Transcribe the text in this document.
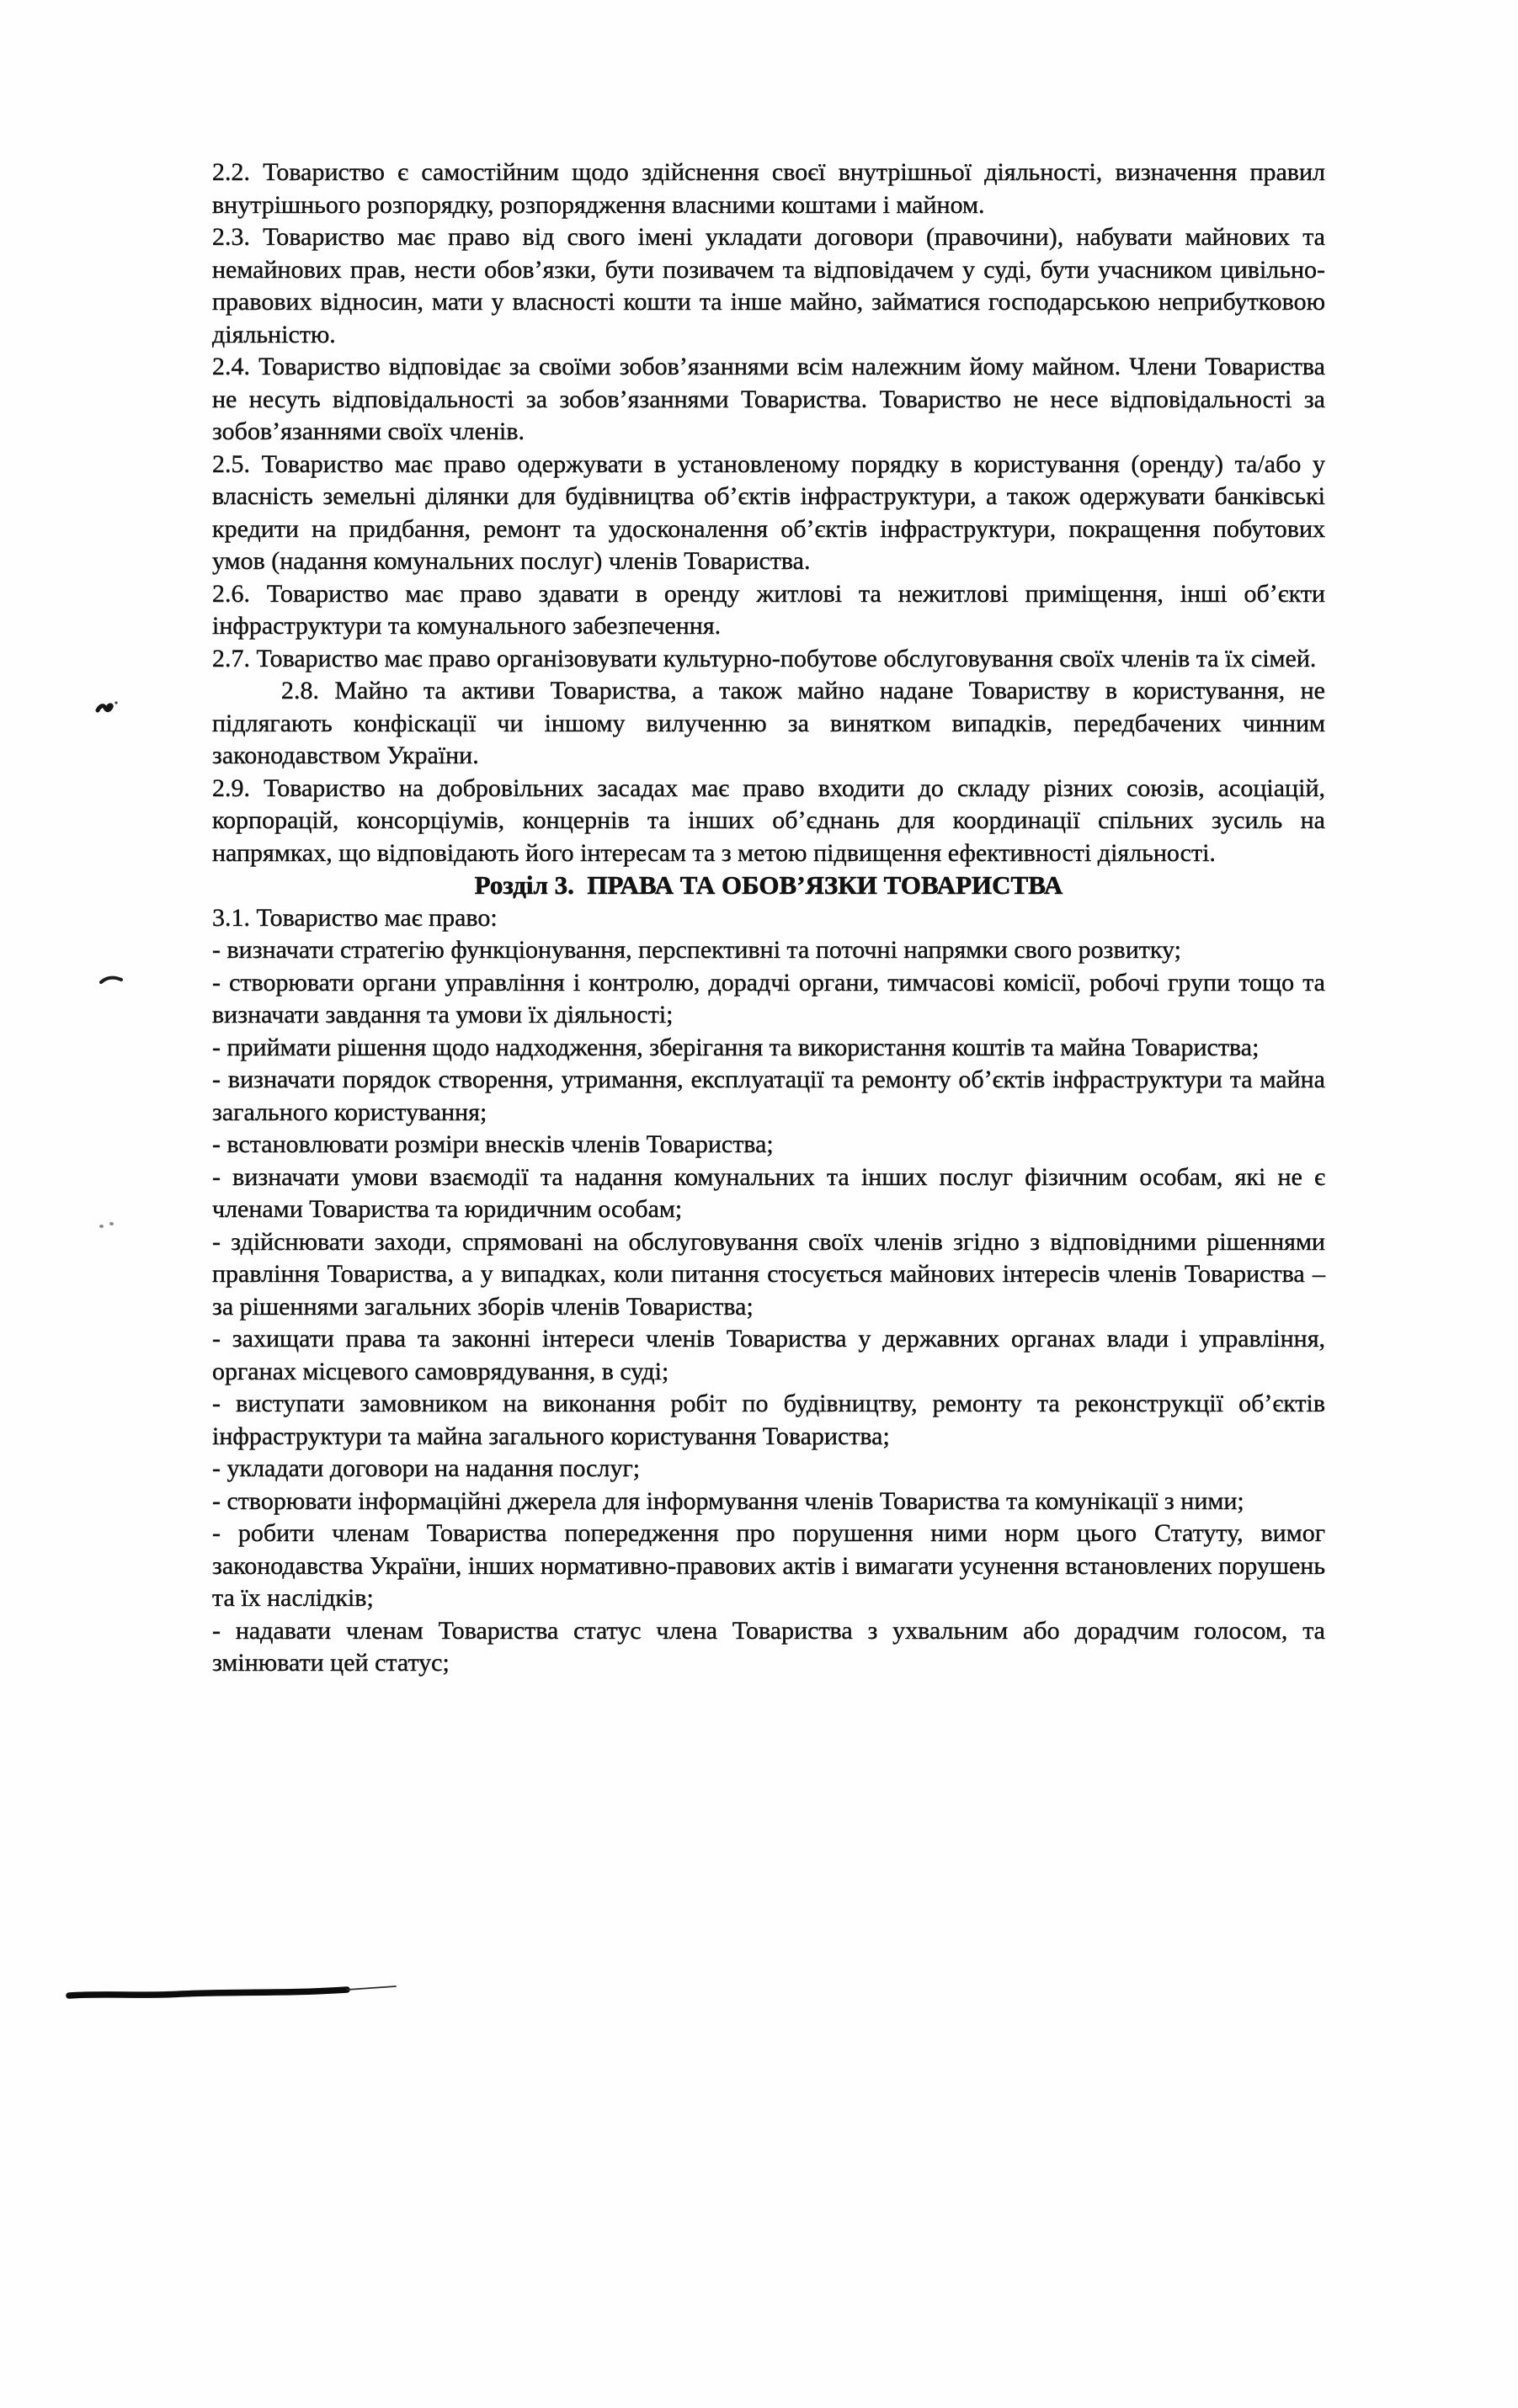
2.2. Товариство є самостійним щодо здійснення своєї внутрішньої діяльності, визначення правил внутрішнього розпорядку, розпорядження власними коштами і майном.

2.3. Товариство має право від свого імені укладати договори (правочини), набувати майнових та немайнових прав, нести обов’язки, бути позивачем та відповідачем у суді, бути учасником цивільно-правових відносин, мати у власності кошти та інше майно, займатися господарською неприбутковою діяльністю.

2.4. Товариство відповідає за своїми зобов’язаннями всім належним йому майном. Члени Товариства не несуть відповідальності за зобов’язаннями Товариства. Товариство не несе відповідальності за зобов’язаннями своїх членів.

2.5. Товариство має право одержувати в установленому порядку в користування (оренду) та/або у власність земельні ділянки для будівництва об’єктів інфраструктури, а також одержувати банківські кредити на придбання, ремонт та удосконалення об’єктів інфраструктури, покращення побутових умов (надання комунальних послуг) членів Товариства.

2.6. Товариство має право здавати в оренду житлові та нежитлові приміщення, інші об’єкти інфраструктури та комунального забезпечення.

2.7. Товариство має право організовувати культурно-побутове обслуговування своїх членів та їх сімей.

2.8. Майно та активи Товариства, а також майно надане Товариству в користування, не підлягають конфіскації чи іншому вилученню за винятком випадків, передбачених чинним законодавством України.

2.9. Товариство на добровільних засадах має право входити до складу різних союзів, асоціацій, корпорацій, консорціумів, концернів та інших об’єднань для координації спільних зусиль на напрямках, що відповідають його інтересам та з метою підвищення ефективності діяльності.

Розділ 3.  ПРАВА ТА ОБОВ’ЯЗКИ ТОВАРИСТВА

3.1. Товариство має право:

- визначати стратегію функціонування, перспективні та поточні напрямки свого розвитку;

- створювати органи управління і контролю, дорадчі органи, тимчасові комісії, робочі групи тощо та визначати завдання та умови їх діяльності;

- приймати рішення щодо надходження, зберігання та використання коштів та майна Товариства;

- визначати порядок створення, утримання, експлуатації та ремонту об’єктів інфраструктури та майна загального користування;

- встановлювати розміри внесків членів Товариства;

- визначати умови взаємодії та надання комунальних та інших послуг фізичним особам, які не є членами Товариства та юридичним особам;

- здійснювати заходи, спрямовані на обслуговування своїх членів згідно з відповідними рішеннями правління Товариства, а у випадках, коли питання стосується майнових інтересів членів Товариства – за рішеннями загальних зборів членів Товариства;

- захищати права та законні інтереси членів Товариства у державних органах влади і управління, органах місцевого самоврядування, в суді;

- виступати замовником на виконання робіт по будівництву, ремонту та реконструкції об’єктів інфраструктури та майна загального користування Товариства;

- укладати договори на надання послуг;

- створювати інформаційні джерела для інформування членів Товариства та комунікації з ними;

- робити членам Товариства попередження про порушення ними норм цього Статуту, вимог законодавства України, інших нормативно-правових актів і вимагати усунення встановлених порушень та їх наслідків;

- надавати членам Товариства статус члена Товариства з ухвальним або дорадчим голосом, та змінювати цей статус;
